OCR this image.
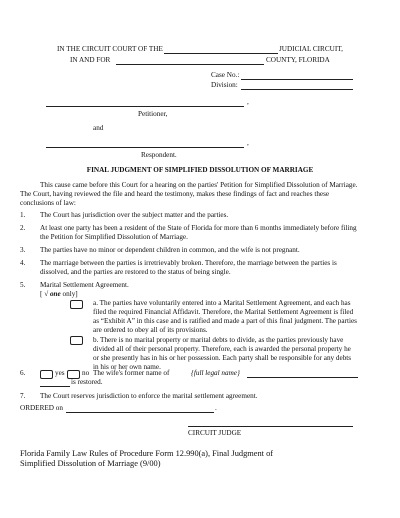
IN THE CIRCUIT COURT OF THE	JUDICIAL CIRCUIT,
IN AND FOR	COUNTY, FLORIDA
Case No.:
Division:
,
Petitioner,
and
,
Respondent.
FINAL JUDGMENT OF SIMPLIFIED DISSOLUTION OF MARRIAGE
This cause came before this Court for a hearing on the parties' Petition for Simplified Dissolution of Marriage. The Court, having reviewed the file and heard the testimony, makes these findings of fact and reaches these conclusions of law:
1. The Court has jurisdiction over the subject matter and the parties.
2. At least one party has been a resident of the State of Florida for more than 6 months immediately before filing the Petition for Simplified Dissolution of Marriage.
3. The parties have no minor or dependent children in common, and the wife is not pregnant.
4. The marriage between the parties is irretrievably broken. Therefore, the marriage between the parties is dissolved, and the parties are restored to the status of being single.
5. Marital Settlement Agreement.
[ √ one only]
a. The parties have voluntarily entered into a Marital Settlement Agreement, and each has filed the required Financial Affidavit. Therefore, the Marital Settlement Agreement is filed as “Exhibit A” in this case and is ratified and made a part of this final judgment. The parties are ordered to obey all of its provisions.
b. There is no marital property or marital debts to divide, as the parties previously have divided all of their personal property. Therefore, each is awarded the personal property he or she presently has in his or her possession. Each party shall be responsible for any debts in his or her own name.
6.	yes no The wife's former name of	{full legal name}
is restored.
7. The Court reserves jurisdiction to enforce the marital settlement agreement.
ORDERED on	.
CIRCUIT JUDGE
Florida Family Law Rules of Procedure Form 12.990(a), Final Judgment of
Simplified Dissolution of Marriage (9/00)
